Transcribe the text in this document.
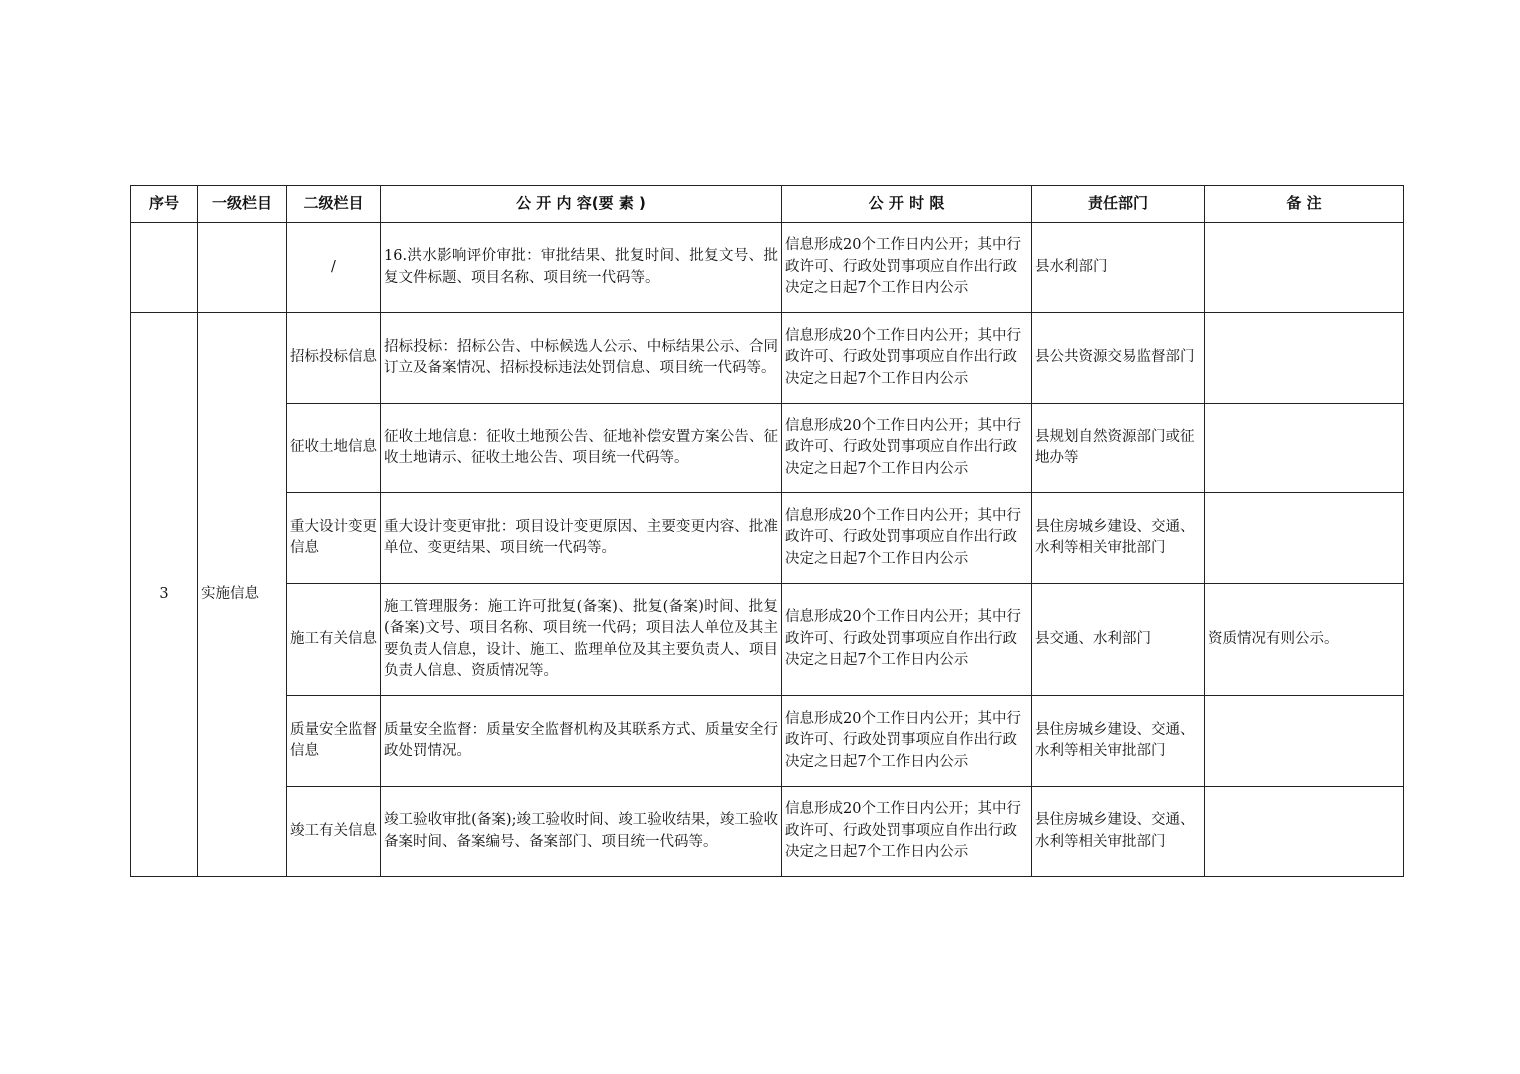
序号	一级栏目	二级栏目	公 开 内 容(要 素 )	公 开 时 限	责任部门	备 注
		/	16.洪水影响评价审批：审批结果、批复时间、批复文号、批复文件标题、项目名称、项目统一代码等。	信息形成20个工作日内公开；其中行政许可、行政处罚事项应自作出行政决定之日起7个工作日内公示	县水利部门	
3	实施信息	招标投标信息	招标投标：招标公告、中标候选人公示、中标结果公示、合同订立及备案情况、招标投标违法处罚信息、项目统一代码等。	信息形成20个工作日内公开；其中行政许可、行政处罚事项应自作出行政决定之日起7个工作日内公示	县公共资源交易监督部门	
		征收土地信息	征收土地信息：征收土地预公告、征地补偿安置方案公告、征收土地请示、征收土地公告、项目统一代码等。	信息形成20个工作日内公开；其中行政许可、行政处罚事项应自作出行政决定之日起7个工作日内公示	县规划自然资源部门或征地办等	
		重大设计变更信息	重大设计变更审批：项目设计变更原因、主要变更内容、批准单位、变更结果、项目统一代码等。	信息形成20个工作日内公开；其中行政许可、行政处罚事项应自作出行政决定之日起7个工作日内公示	县住房城乡建设、交通、水利等相关审批部门	
		施工有关信息	施工管理服务：施工许可批复(备案)、批复(备案)时间、批复(备案)文号、项目名称、项目统一代码；项目法人单位及其主要负责人信息，设计、施工、监理单位及其主要负责人、项目负责人信息、资质情况等。	信息形成20个工作日内公开；其中行政许可、行政处罚事项应自作出行政决定之日起7个工作日内公示	县交通、水利部门	资质情况有则公示。
		质量安全监督信息	质量安全监督：质量安全监督机构及其联系方式、质量安全行政处罚情况。	信息形成20个工作日内公开；其中行政许可、行政处罚事项应自作出行政决定之日起7个工作日内公示	县住房城乡建设、交通、水利等相关审批部门	
		竣工有关信息	竣工验收审批(备案);竣工验收时间、竣工验收结果，竣工验收备案时间、备案编号、备案部门、项目统一代码等。	信息形成20个工作日内公开；其中行政许可、行政处罚事项应自作出行政决定之日起7个工作日内公示	县住房城乡建设、交通、水利等相关审批部门	
